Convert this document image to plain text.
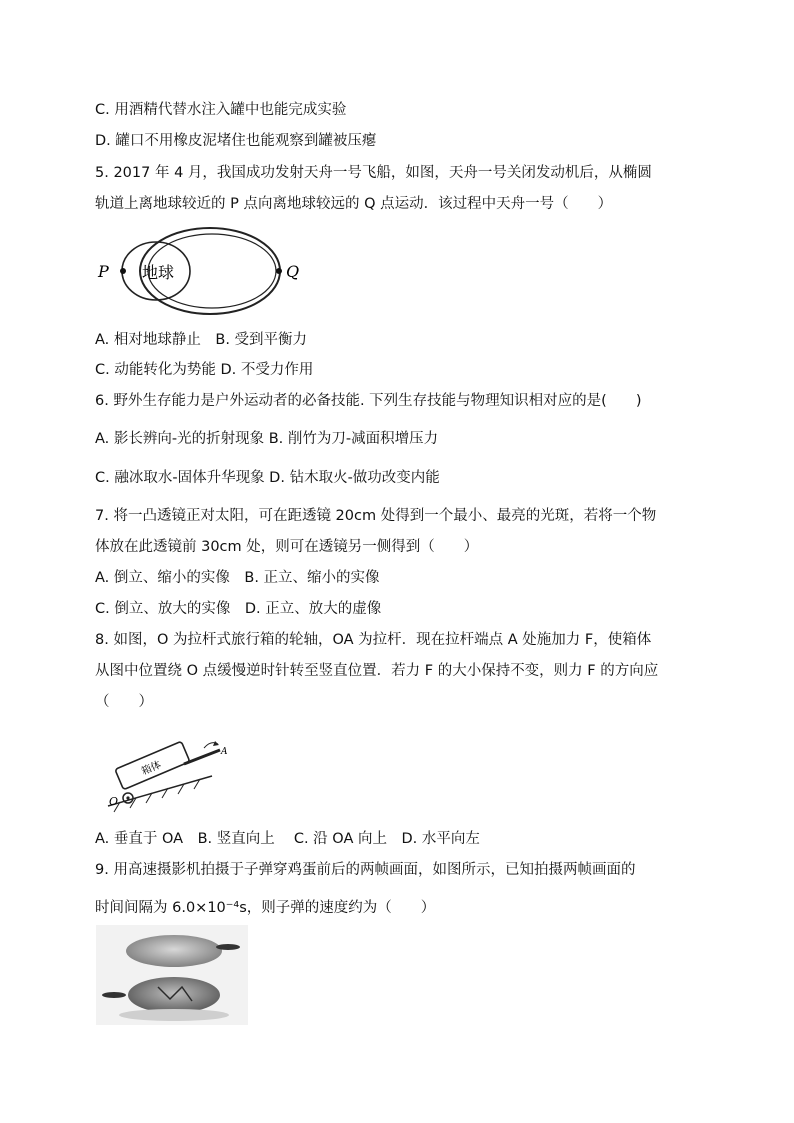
C. 用酒精代替水注入罐中也能完成实验
D. 罐口不用橡皮泥堵住也能观察到罐被压瘪
5. 2017 年 4 月，我国成功发射天舟一号飞船，如图，天舟一号关闭发动机后，从椭圆
轨道上离地球较近的 P 点向离地球较远的 Q 点运动．该过程中天舟一号（　　）
P	Q
地球
A. 相对地球静止　B. 受到平衡力
C. 动能转化为势能 D. 不受力作用
6. 野外生存能力是户外运动者的必备技能. 下列生存技能与物理知识相对应的是(　　)
A. 影长辨向-光的折射现象 B. 削竹为刀-减面积增压力
C. 融冰取水-固体升华现象 D. 钻木取火-做功改变内能
7. 将一凸透镜正对太阳，可在距透镜 20cm 处得到一个最小、最亮的光斑，若将一个物
体放在此透镜前 30cm 处，则可在透镜另一侧得到（　　）
A. 倒立、缩小的实像　B. 正立、缩小的实像
C. 倒立、放大的实像　D. 正立、放大的虚像
8. 如图，O 为拉杆式旅行箱的轮轴，OA 为拉杆．现在拉杆端点 A 处施加力 F，使箱体
从图中位置绕 O 点缓慢逆时针转至竖直位置．若力 F 的大小保持不变，则力 F 的方向应
（　　）
箱体
O
A
A. 垂直于 OA　B. 竖直向上　 C. 沿 OA 向上　D. 水平向左
9. 用高速摄影机拍摄于子弹穿鸡蛋前后的两帧画面，如图所示，已知拍摄两帧画面的
时间间隔为 6.0×10⁻⁴s，则子弹的速度约为（　　）
